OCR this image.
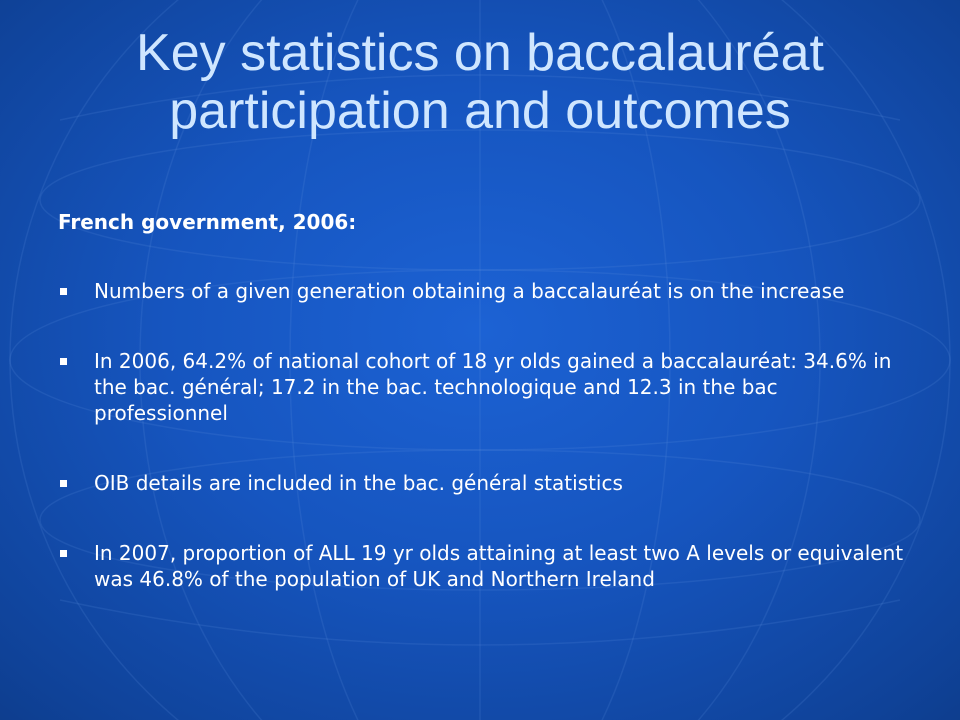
Key statistics on baccalauréat participation and outcomes
French government, 2006:
Numbers of a given generation obtaining a baccalauréat is on the increase
In 2006, 64.2% of national cohort of 18 yr olds gained a baccalauréat: 34.6% in the bac. général; 17.2 in the bac. technologique and 12.3 in the bac professionnel
OIB details are included in the bac. général statistics
In 2007, proportion of ALL 19 yr olds attaining at least two A levels or equivalent was 46.8% of the population of UK and Northern Ireland
